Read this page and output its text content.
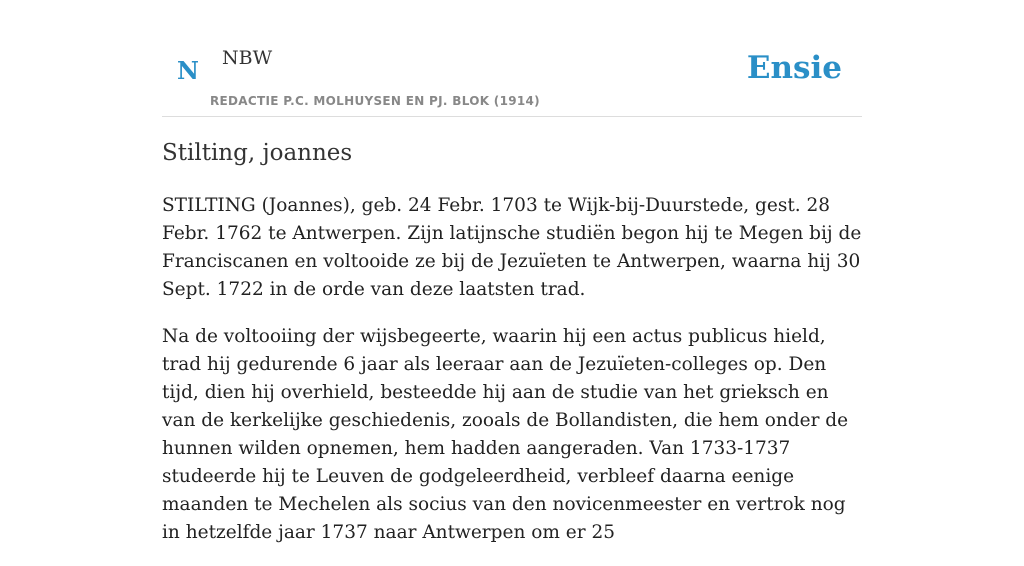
N NBW
REDACTIE P.C. MOLHUYSEN EN PJ. BLOK (1914)
Ensie
Stilting, joannes

STILTING (Joannes), geb. 24 Febr. 1703 te Wijk-bij-Duurstede, gest. 28 Febr. 1762 te Antwerpen. Zijn latijnsche studiën begon hij te Megen bij de Franciscanen en voltooide ze bij de Jezuïeten te Antwerpen, waarna hij 30 Sept. 1722 in de orde van deze laatsten trad.

Na de voltooiing der wijsbegeerte, waarin hij een actus publicus hield, trad hij gedurende 6 jaar als leeraar aan de Jezuïeten-colleges op. Den tijd, dien hij overhield, besteedde hij aan de studie van het grieksch en van de kerkelijke geschiedenis, zooals de Bollandisten, die hem onder de hunnen wilden opnemen, hem hadden aangeraden. Van 1733-1737 studeerde hij te Leuven de godgeleerdheid, verbleef daarna eenige maanden te Mechelen als socius van den novicenmeester en vertrok nog in hetzelfde jaar 1737 naar Antwerpen om er 25
